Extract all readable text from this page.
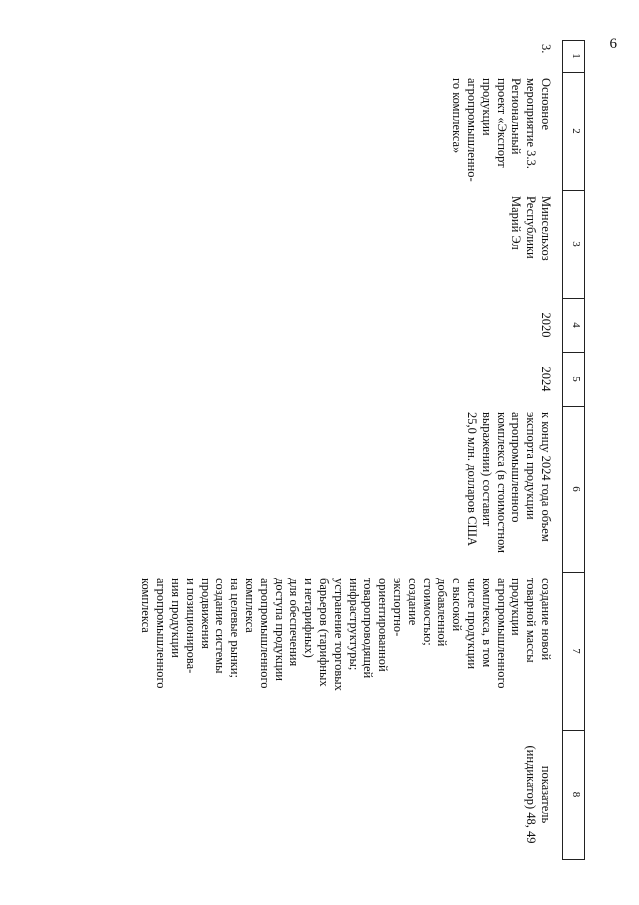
6
1
2
3
4
5
6
7
8
3.
Основное
мероприятие 3.3.
Региональный
проект «Экспорт
продукции
агропромышленно-
го комплекса»
Минсельхоз
Республики
Марий Эл
2020
2024
к концу 2024 года объем
экспорта продукции
агропромышленного
комплекса (в стоимостном
выражении) составит
25,0 млн. долларов США
создание новой
товарной массы
продукции
агропромышленного
комплекса, в том
числе продукции
с высокой
добавленной
стоимостью;
создание
экспортно-
ориентированной
товаропроводящей
инфраструктуры;
устранение торговых
барьеров (тарифных
и нетарифных)
для обеспечения
доступа продукции
агропромышленного
комплекса
на целевые рынки;
создание системы
продвижения
и позиционирова-
ния продукции
агропромышленного
комплекса
показатель
(индикатор) 48, 49
